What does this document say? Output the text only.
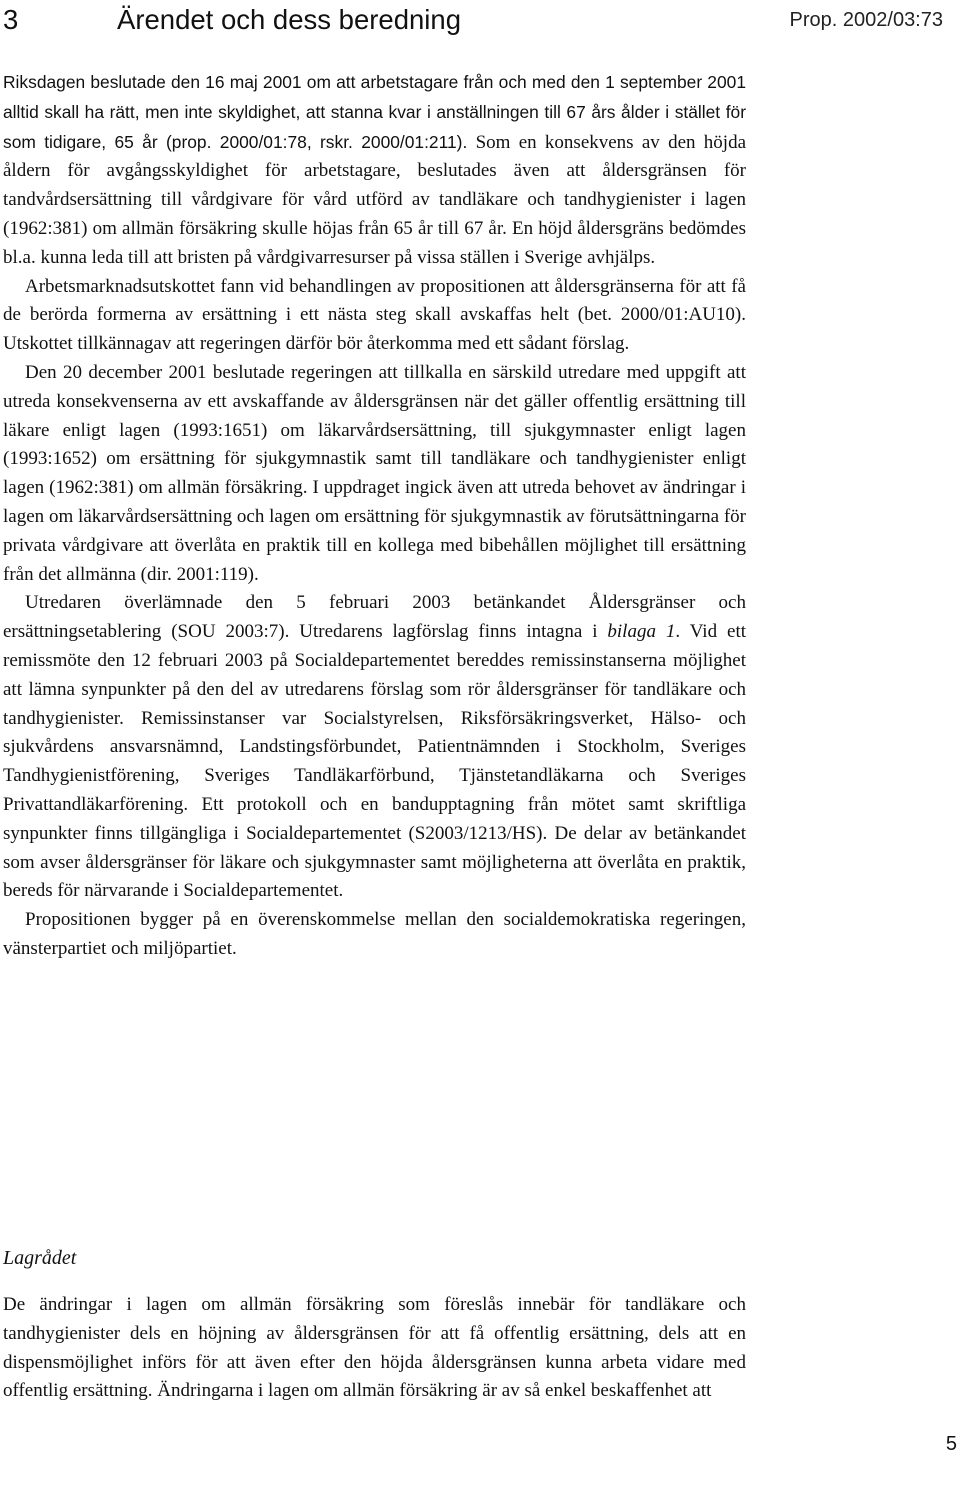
3	Ärendet och dess beredning	Prop. 2002/03:73

Riksdagen beslutade den 16 maj 2001 om att arbetstagare från och med den 1 september 2001 alltid skall ha rätt, men inte skyldighet, att stanna kvar i anställningen till 67 års ålder i stället för som tidigare, 65 år (prop. 2000/01:78, rskr. 2000/01:211). Som en konsekvens av den höjda åldern för avgångsskyldighet för arbetstagare, beslutades även att åldersgränsen för tandvårdsersättning till vårdgivare för vård utförd av tandläkare och tandhygienister i lagen (1962:381) om allmän försäkring skulle höjas från 65 år till 67 år. En höjd åldersgräns bedömdes bl.a. kunna leda till att bristen på vårdgivarresurser på vissa ställen i Sverige avhjälps.

Arbetsmarknadsutskottet fann vid behandlingen av propositionen att åldersgränserna för att få de berörda formerna av ersättning i ett nästa steg skall avskaffas helt (bet. 2000/01:AU10). Utskottet tillkännagav att regeringen därför bör återkomma med ett sådant förslag.

Den 20 december 2001 beslutade regeringen att tillkalla en särskild utredare med uppgift att utreda konsekvenserna av ett avskaffande av åldersgränsen när det gäller offentlig ersättning till läkare enligt lagen (1993:1651) om läkarvårdsersättning, till sjukgymnaster enligt lagen (1993:1652) om ersättning för sjukgymnastik samt till tandläkare och tandhygienister enligt lagen (1962:381) om allmän försäkring. I uppdraget ingick även att utreda behovet av ändringar i lagen om läkarvårdsersättning och lagen om ersättning för sjukgymnastik av förutsättningarna för privata vårdgivare att överlåta en praktik till en kollega med bibehållen möjlighet till ersättning från det allmänna (dir. 2001:119).

Utredaren överlämnade den 5 februari 2003 betänkandet Åldersgränser och ersättningsetablering (SOU 2003:7). Utredarens lagförslag finns intagna i bilaga 1. Vid ett remissmöte den 12 februari 2003 på Socialdepartementet bereddes remissinstanserna möjlighet att lämna synpunkter på den del av utredarens förslag som rör åldersgränser för tandläkare och tandhygienister. Remissinstanser var Socialstyrelsen, Riksförsäkringsverket, Hälso- och sjukvårdens ansvarsnämnd, Landstingsförbundet, Patientnämnden i Stockholm, Sveriges Tandhygienistförening, Sveriges Tandläkarförbund, Tjänstetandläkarna och Sveriges Privattandläkarförening. Ett protokoll och en bandupptagning från mötet samt skriftliga synpunkter finns tillgängliga i Socialdepartementet (S2003/1213/HS). De delar av betänkandet som avser åldersgränser för läkare och sjukgymnaster samt möjligheterna att överlåta en praktik, bereds för närvarande i Socialdepartementet.

Propositionen bygger på en överenskommelse mellan den socialdemokratiska regeringen, vänsterpartiet och miljöpartiet.

Lagrådet

De ändringar i lagen om allmän försäkring som föreslås innebär för tandläkare och tandhygienister dels en höjning av åldersgränsen för att få offentlig ersättning, dels att en dispensmöjlighet införs för att även efter den höjda åldersgränsen kunna arbeta vidare med offentlig ersättning. Ändringarna i lagen om allmän försäkring är av så enkel beskaffenhet att

5
